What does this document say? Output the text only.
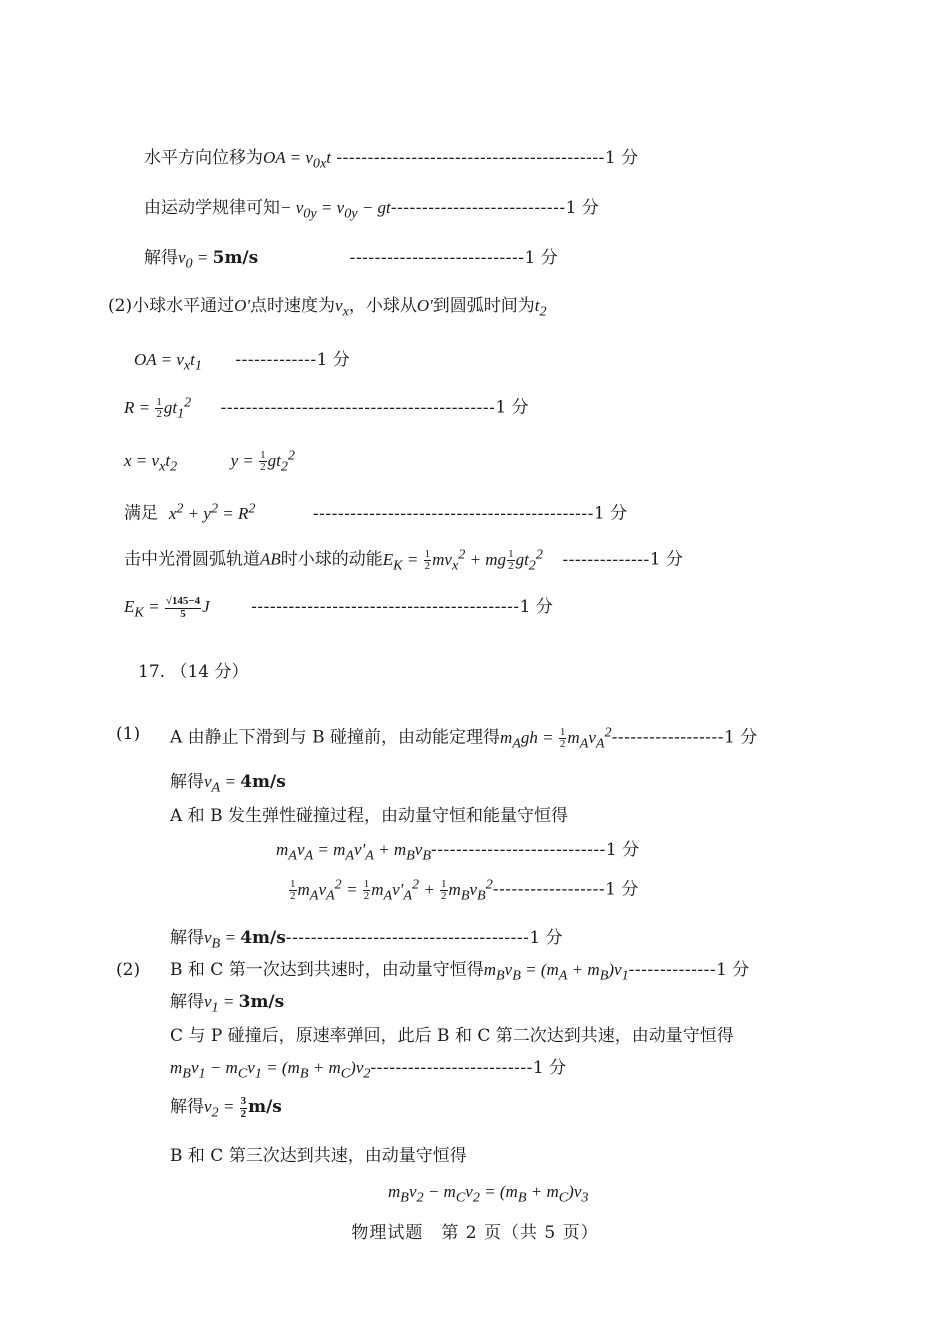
水平方向位移为OA = $v_{0x}t$ -------------------------------------------1 分
由运动学规律可知− $v_{0y} = v_{0y} - gt----------------------------1$ 分
解得$v_0 = 5m/s$	----------------------------1 分
(2)小球水平通过O'点时速度为$v_x$，小球从O'到圆弧时间为$t_2$
OA = $v_xt_1$ -------------1 分
$R = \frac{1}{2} gt_1^2$ --------------------------------------------1 分
$x = v_xt_2$	$y = \frac{1}{2} gt_2^2$
满足 $x^2 + y^2 = R^2$	---------------------------------------------1 分
击中光滑圆弧轨道AB时小球的动能$E_K = \frac{1}{2} mv_x^2$ + mg $\frac{1}{2} gt_2^2$ --------------1 分
$E_K = \frac{√145-4}{5}$ J -------------------------------------------1 分
17. （14 分）
(1) A 由静止下滑到与 B 碰撞前，由动能定理得$m_Agh = \frac{1}{2} m_Av_A^2------------------1$ 分
解得$v_A = 4m/s$
A 和 B 发生弹性碰撞过程，由动量守恒和能量守恒得
$m_Av_A = m_Av'_A + m_Bv_B----------------------------1$ 分
$\frac{1}{2} m_Av_A^2 = \frac{1}{2} m_Av'_A^2 + \frac{1}{2} m_Bv_B^2------------------1$ 分
解得$v_B = 4m/s---------------------------------------1$ 分
(2) B 和 C 第一次达到共速时，由动量守恒得$m_Bv_B = (m_A + m_B)v_1--------------1$ 分
解得$v_1 = 3m/s$
C 与 P 碰撞后，原速率弹回，此后 B 和 C 第二次达到共速，由动量守恒得
$m_Bv_1 - m_Cv_1 = (m_B + m_C)v_2--------------------------1$ 分
解得$v_2 = \frac{3}{2} m/s$
B 和 C 第三次达到共速，由动量守恒得
$m_Bv_2 - m_Cv_2 = (m_B + m_C)v_3$
物理试题　第 2 页（共 5 页）
